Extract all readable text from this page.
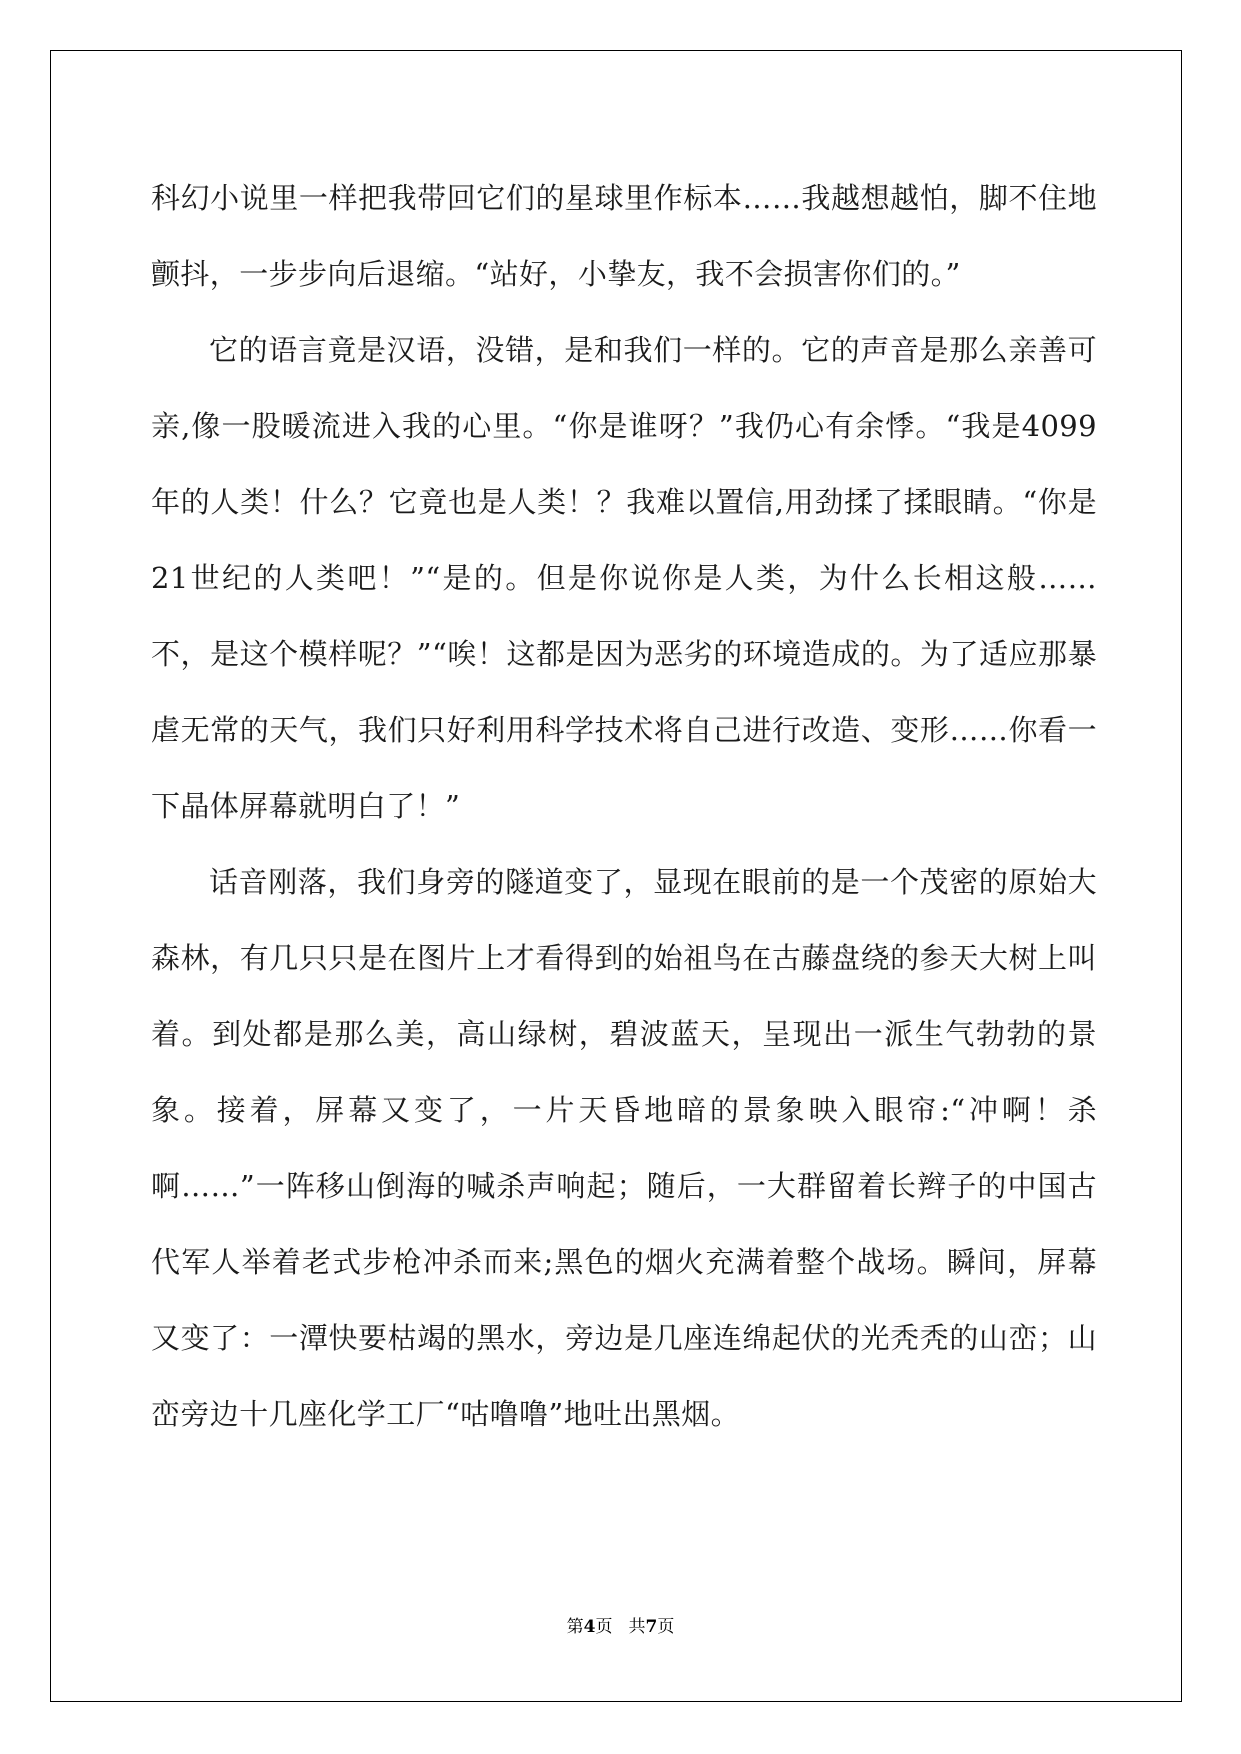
科幻小说里一样把我带回它们的星球里作标本……我越想越怕，脚不住地颤抖，一步步向后退缩。“站好，小挚友，我不会损害你们的。”

它的语言竟是汉语，没错，是和我们一样的。它的声音是那么亲善可亲,像一股暖流进入我的心里。“你是谁呀？”我仍心有余悸。“我是4099年的人类！什么？它竟也是人类！？我难以置信,用劲揉了揉眼睛。“你是21世纪的人类吧！”“是的。但是你说你是人类，为什么长相这般……不，是这个模样呢？”“唉！这都是因为恶劣的环境造成的。为了适应那暴虐无常的天气，我们只好利用科学技术将自己进行改造、变形……你看一下晶体屏幕就明白了！”

话音刚落，我们身旁的隧道变了，显现在眼前的是一个茂密的原始大森林，有几只只是在图片上才看得到的始祖鸟在古藤盘绕的参天大树上叫着。到处都是那么美，高山绿树，碧波蓝天，呈现出一派生气勃勃的景象。接着，屏幕又变了，一片天昏地暗的景象映入眼帘:“冲啊！杀啊……”一阵移山倒海的喊杀声响起；随后，一大群留着长辫子的中国古代军人举着老式步枪冲杀而来;黑色的烟火充满着整个战场。瞬间，屏幕又变了：一潭快要枯竭的黑水，旁边是几座连绵起伏的光秃秃的山峦；山峦旁边十几座化学工厂“咕噜噜”地吐出黑烟。

第4页 共7页
